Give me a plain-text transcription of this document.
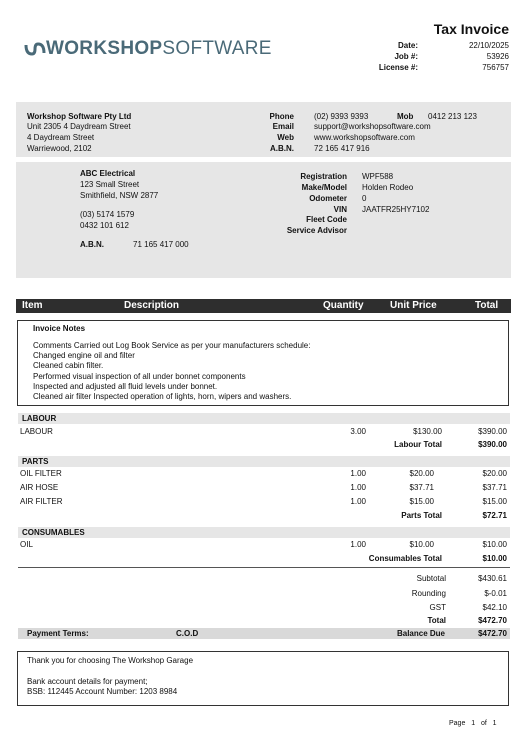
WORKSHOPSOFTWARE
Tax Invoice
Date:	22/10/2025
Job #:	53926
License #:	756757
Workshop Software Pty Ltd
Unit 2305 4 Daydream Street
4 Daydream Street
Warriewood, 2102
Phone	(02) 9393 9393	Mob 0412 213 123
Email	support@workshopsoftware.com
Web	www.workshopsoftware.com
A.B.N.	72 165 417 916
ABC Electrical
123 Small Street
Smithfield, NSW 2877
(03) 5174 1579
0432 101 612
A.B.N.	71 165 417 000
Registration WPF588
Make/Model Holden Rodeo
Odometer 0
VIN JAATFR25HY7102
Fleet Code
Service Advisor
Item	Description	Quantity	Unit Price	Total
Invoice Notes
Comments Carried out Log Book Service as per your manufacturers schedule:
Changed engine oil and filter
Cleaned cabin filter.
Performed visual inspection of all under bonnet components
Inspected and adjusted all fluid levels under bonnet.
Cleaned air filter Inspected operation of lights, horn, wipers and washers.
LABOUR
LABOUR	3.00	$130.00	$390.00
Labour Total	$390.00
PARTS
OIL FILTER	1.00	$20.00	$20.00
AIR HOSE	1.00	$37.71	$37.71
AIR FILTER	1.00	$15.00	$15.00
Parts Total	$72.71
CONSUMABLES
OIL	1.00	$10.00	$10.00
Consumables Total	$10.00
Subtotal	$430.61
Rounding	$-0.01
GST	$42.10
Total	$472.70
Payment Terms:	C.O.D	Balance Due	$472.70
Thank you for choosing The Workshop Garage
Bank account details for payment;
BSB: 112445 Account Number: 1203 8984
Page 1 of 1
